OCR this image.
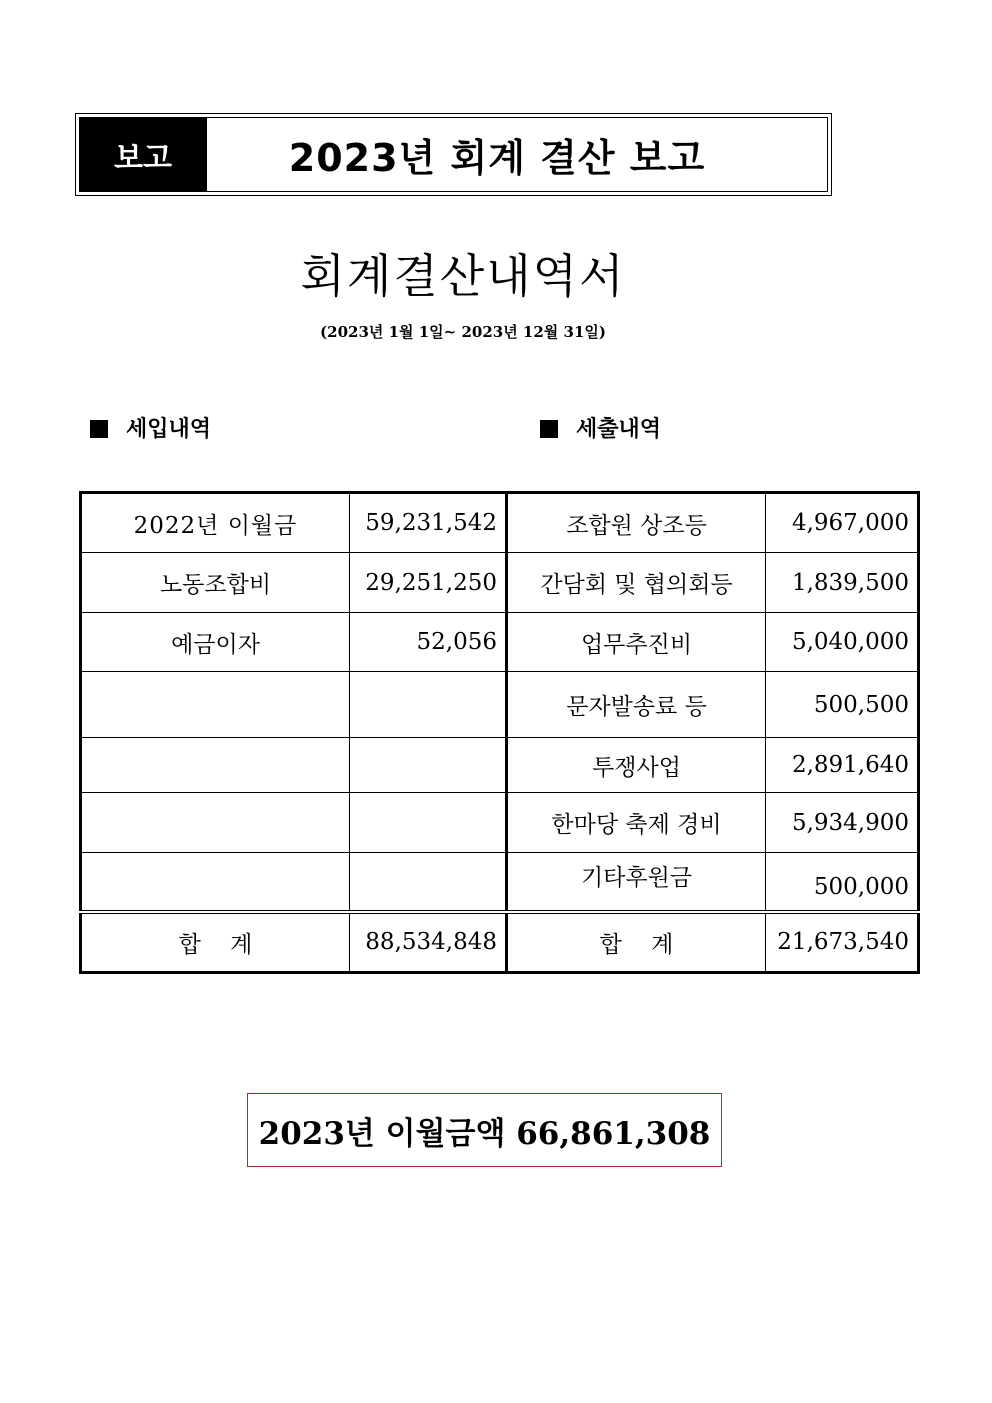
보고	2023년 회계 결산 보고
회계결산내역서
(2023년 1월 1일~ 2023년 12월 31일)
세입내역	세출내역
2022년 이월금	59,231,542	조합원 상조등	4,967,000
노동조합비	29,251,250	간담회 및 협의회등	1,839,500
예금이자	52,056	업무추진비	5,040,000
		문자발송료 등	500,500
		투쟁사업	2,891,640
		한마당 축제 경비	5,934,900
		기타후원금	500,000
합    계	88,534,848	합    계	21,673,540
2023년 이월금액 66,861,308
